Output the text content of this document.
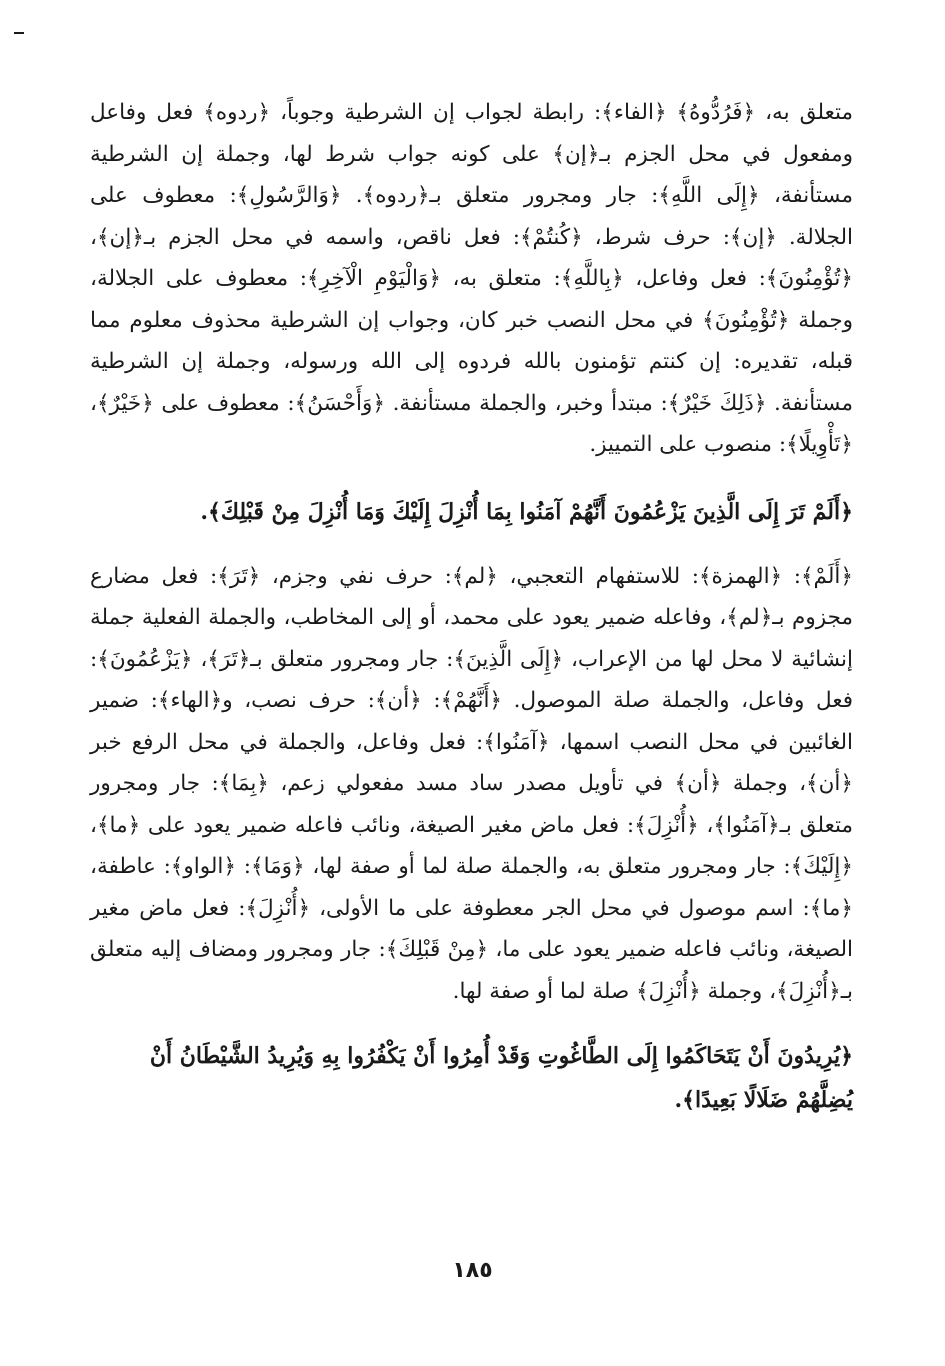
متعلق به، ﴿فَرُدُّوهُ﴾ ﴿الفاء﴾: رابطة لجواب إن الشرطية وجوباً، ﴿ردوه﴾ فعل وفاعل ومفعول في محل الجزم بـ﴿إن﴾ على كونه جواب شرط لها، وجملة إن الشرطية مستأنفة، ﴿إِلَى اللَّهِ﴾: جار ومجرور متعلق بـ﴿ردوه﴾. ﴿وَالرَّسُولِ﴾: معطوف على الجلالة. ﴿إن﴾: حرف شرط، ﴿كُنتُمْ﴾: فعل ناقص، واسمه في محل الجزم بـ﴿إن﴾، ﴿تُؤْمِنُونَ﴾: فعل وفاعل، ﴿بِاللَّهِ﴾: متعلق به، ﴿وَالْيَوْمِ الْآخِرِ﴾: معطوف على الجلالة، وجملة ﴿تُؤْمِنُونَ﴾ في محل النصب خبر كان، وجواب إن الشرطية محذوف معلوم مما قبله، تقديره: إن كنتم تؤمنون بالله فردوه إلى الله ورسوله، وجملة إن الشرطية مستأنفة. ﴿ذَلِكَ خَيْرٌ﴾: مبتدأ وخبر، والجملة مستأنفة. ﴿وَأَحْسَنُ﴾: معطوف على ﴿خَيْرٌ﴾، ﴿تَأْوِيلًا﴾: منصوب على التمييز.

﴿أَلَمْ تَرَ إِلَى الَّذِينَ يَزْعُمُونَ أَنَّهُمْ آمَنُوا بِمَا أُنْزِلَ إِلَيْكَ وَمَا أُنْزِلَ مِنْ قَبْلِكَ﴾.

﴿أَلَمْ﴾: ﴿الهمزة﴾: للاستفهام التعجبي، ﴿لم﴾: حرف نفي وجزم، ﴿تَرَ﴾: فعل مضارع مجزوم بـ﴿لم﴾، وفاعله ضمير يعود على محمد، أو إلى المخاطب، والجملة الفعلية جملة إنشائية لا محل لها من الإعراب، ﴿إِلَى الَّذِينَ﴾: جار ومجرور متعلق بـ﴿تَرَ﴾، ﴿يَزْعُمُونَ﴾: فعل وفاعل، والجملة صلة الموصول. ﴿أَنَّهُمْ﴾: ﴿أن﴾: حرف نصب، و﴿الهاء﴾: ضمير الغائبين في محل النصب اسمها، ﴿آمَنُوا﴾: فعل وفاعل، والجملة في محل الرفع خبر ﴿أن﴾، وجملة ﴿أن﴾ في تأويل مصدر ساد مسد مفعولي زعم، ﴿بِمَا﴾: جار ومجرور متعلق بـ﴿آمَنُوا﴾، ﴿أُنْزِلَ﴾: فعل ماض مغير الصيغة، ونائب فاعله ضمير يعود على ﴿ما﴾، ﴿إِلَيْكَ﴾: جار ومجرور متعلق به، والجملة صلة لما أو صفة لها، ﴿وَمَا﴾: ﴿الواو﴾: عاطفة، ﴿ما﴾: اسم موصول في محل الجر معطوفة على ما الأولى، ﴿أُنْزِلَ﴾: فعل ماض مغير الصيغة، ونائب فاعله ضمير يعود على ما، ﴿مِنْ قَبْلِكَ﴾: جار ومجرور ومضاف إليه متعلق بـ﴿أُنْزِلَ﴾، وجملة ﴿أُنْزِلَ﴾ صلة لما أو صفة لها.

﴿يُرِيدُونَ أَنْ يَتَحَاكَمُوا إِلَى الطَّاغُوتِ وَقَدْ أُمِرُوا أَنْ يَكْفُرُوا بِهِ وَيُرِيدُ الشَّيْطَانُ أَنْ يُضِلَّهُمْ ضَلَالًا بَعِيدًا﴾.

١٨٥
